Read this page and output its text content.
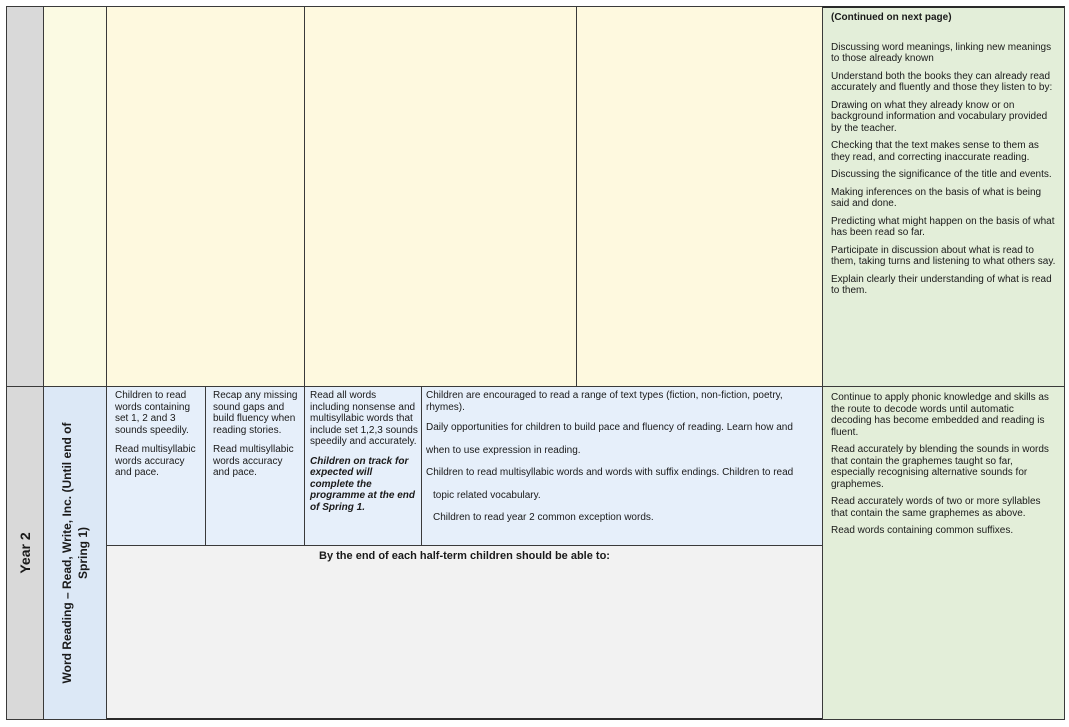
(Continued on next page)

Discussing word meanings, linking new meanings to those already known

Understand both the books they can already read accurately and fluently and those they listen to by:

Drawing on what they already know or on background information and vocabulary provided by the teacher.

Checking that the text makes sense to them as they read, and correcting inaccurate reading.

Discussing the significance of the title and events.

Making inferences on the basis of what is being said and done.

Predicting what might happen on the basis of what has been read so far.

Participate in discussion about what is read to them, taking turns and listening to what others say.

Explain clearly their understanding of what is read to them.

Year 2 Word Reading – Read, Write, Inc. (Until end of Spring 1)

Children to read words containing set 1, 2 and 3 sounds speedily.

Read multisyllabic words accuracy and pace.

Recap any missing sound gaps and build fluency when reading stories.

Read multisyllabic words accuracy and pace.

Read all words including nonsense and multisyllabic words that include set 1,2,3 sounds speedily and accurately.

Children on track for expected will complete the programme at the end of Spring 1.

Children are encouraged to read a range of text types (fiction, non-fiction, poetry, rhymes).
Daily opportunities for children to build pace and fluency of reading. Learn how and
when to use expression in reading.
Children to read multisyllabic words and words with suffix endings. Children to read
topic related vocabulary.
Children to read year 2 common exception words.
By the end of each half-term children should be able to:

Continue to apply phonic knowledge and skills as the route to decode words until automatic decoding has become embedded and reading is fluent.

Read accurately by blending the sounds in words that contain the graphemes taught so far, especially recognising alternative sounds for graphemes.

Read accurately words of two or more syllables that contain the same graphemes as above.

Read words containing common suffixes.
